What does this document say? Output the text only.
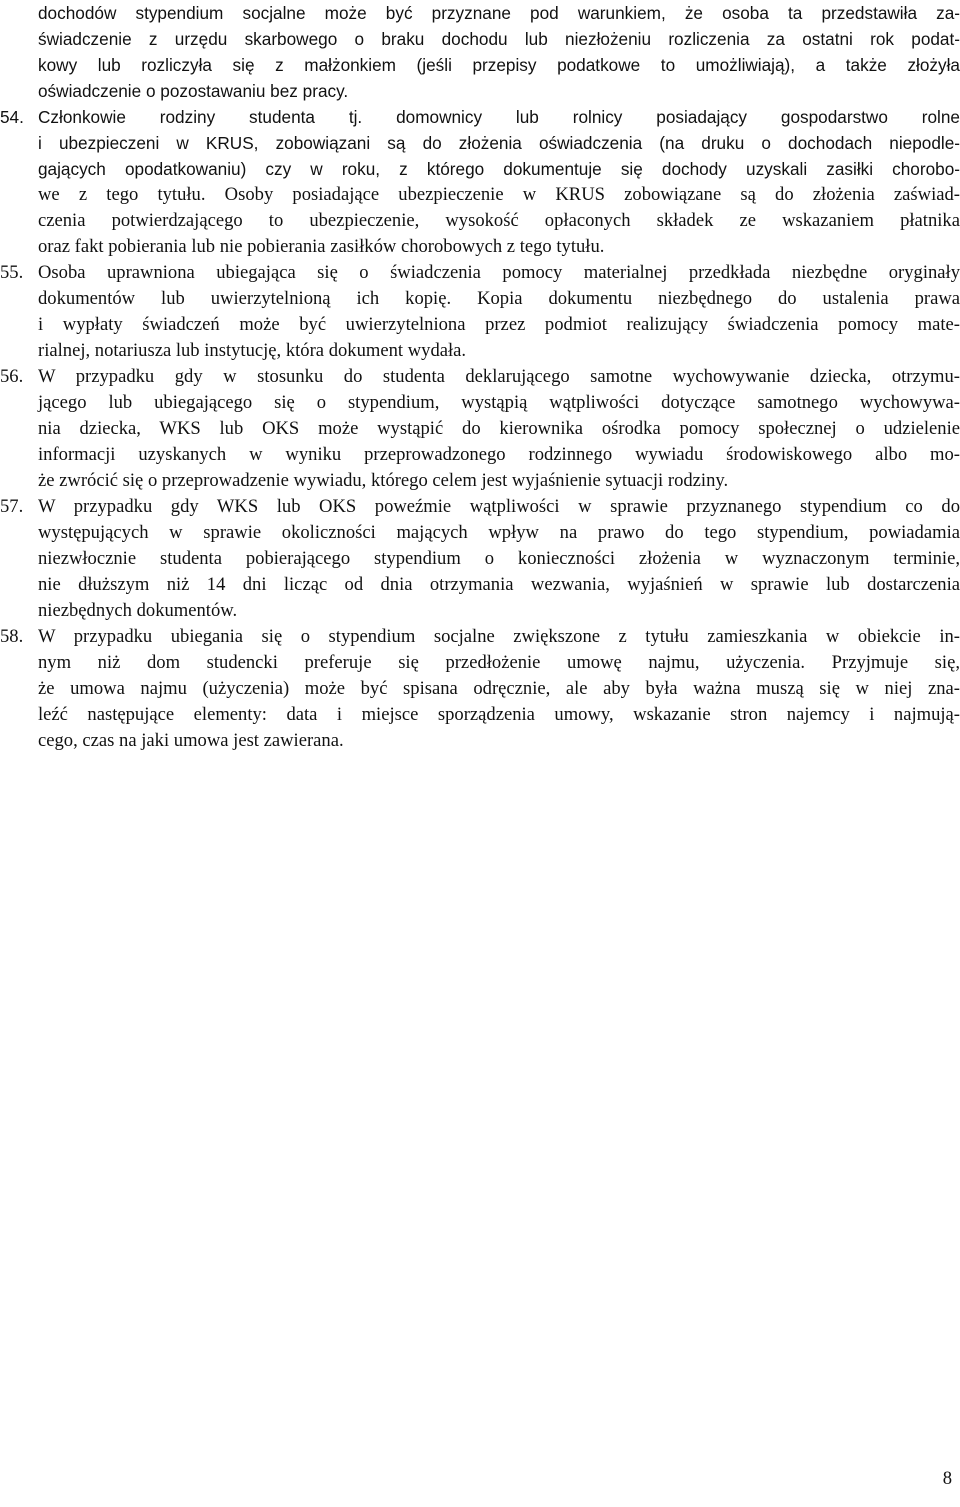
dochodów stypendium socjalne może być przyznane pod warunkiem, że osoba ta przedstawiła za-
świadczenie z urzędu skarbowego o braku dochodu lub niezłożeniu rozliczenia za ostatni rok podat-
kowy lub rozliczyła się z małżonkiem (jeśli przepisy podatkowe to umożliwiają), a także złożyła
oświadczenie o pozostawaniu bez pracy.
54. Członkowie rodziny studenta tj. domownicy lub rolnicy posiadający gospodarstwo rolne
i ubezpieczeni w KRUS, zobowiązani są do złożenia oświadczenia (na druku o dochodach niepodle-
gających opodatkowaniu) czy w roku, z którego dokumentuje się dochody uzyskali zasiłki chorobo-
we z tego tytułu. Osoby posiadające ubezpieczenie w KRUS zobowiązane są do złożenia zaświad-
czenia potwierdzającego to ubezpieczenie, wysokość opłaconych składek ze wskazaniem płatnika
oraz fakt pobierania lub nie pobierania zasiłków chorobowych z tego tytułu.
55. Osoba uprawniona ubiegająca się o świadczenia pomocy materialnej przedkłada niezbędne oryginały
dokumentów lub uwierzytelnioną ich kopię. Kopia dokumentu niezbędnego do ustalenia prawa
i wypłaty świadczeń może być uwierzytelniona przez podmiot realizujący świadczenia pomocy mate-
rialnej, notariusza lub instytucję, która dokument wydała.
56. W przypadku gdy w stosunku do studenta deklarującego samotne wychowywanie dziecka, otrzymu-
jącego lub ubiegającego się o stypendium, wystąpią wątpliwości dotyczące samotnego wychowywa-
nia dziecka, WKS lub OKS może wystąpić do kierownika ośrodka pomocy społecznej o udzielenie
informacji uzyskanych w wyniku przeprowadzonego rodzinnego wywiadu środowiskowego albo mo-
że zwrócić się o przeprowadzenie wywiadu, którego celem jest wyjaśnienie sytuacji rodziny.
57. W przypadku gdy WKS lub OKS poweźmie wątpliwości w sprawie przyznanego stypendium co do
występujących w sprawie okoliczności mających wpływ na prawo do tego stypendium, powiadamia
niezwłocznie studenta pobierającego stypendium o konieczności złożenia w wyznaczonym terminie,
nie dłuższym niż 14 dni licząc od dnia otrzymania wezwania, wyjaśnień w sprawie lub dostarczenia
niezbędnych dokumentów.
58. W przypadku ubiegania się o stypendium socjalne zwiększone z tytułu zamieszkania w obiekcie in-
nym niż dom studencki preferuje się przedłożenie umowę najmu, użyczenia. Przyjmuje się,
że umowa najmu (użyczenia) może być spisana odręcznie, ale aby była ważna muszą się w niej zna-
leźć następujące elementy: data i miejsce sporządzenia umowy, wskazanie stron najemcy i najmują-
cego, czas na jaki umowa jest zawierana.
8
